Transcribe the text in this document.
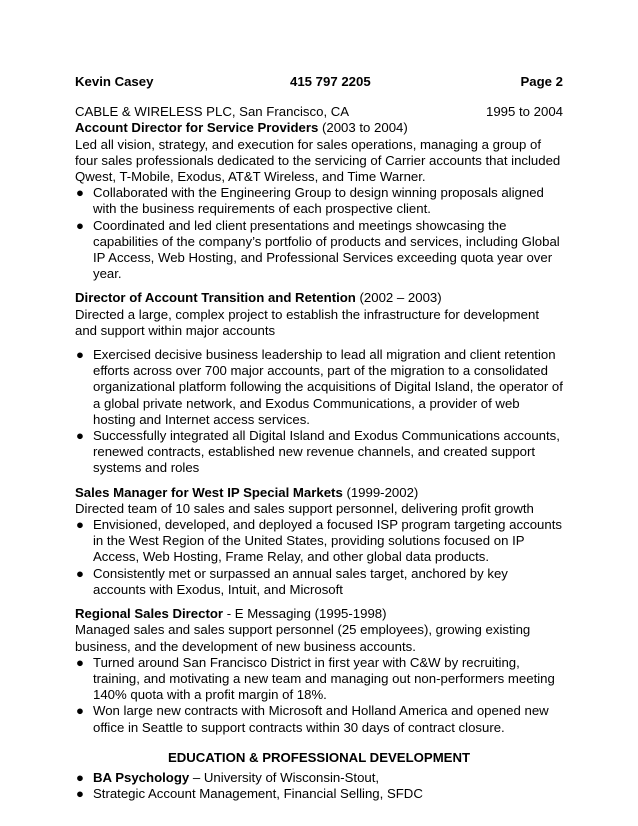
Kevin Casey	415 797 2205	Page 2
CABLE & WIRELESS PLC, San Francisco, CA	1995 to 2004

Account Director for Service Providers (2003 to 2004)

Led all vision, strategy, and execution for sales operations, managing a group of four sales professionals dedicated to the servicing of Carrier accounts that included Qwest, T-Mobile, Exodus, AT&T Wireless, and Time Warner.

● Collaborated with the Engineering Group to design winning proposals aligned with the business requirements of each prospective client.
● Coordinated and led client presentations and meetings showcasing the capabilities of the company’s portfolio of products and services, including Global IP Access, Web Hosting, and Professional Services exceeding quota year over year.

Director of Account Transition and Retention (2002 – 2003)

Directed a large, complex project to establish the infrastructure for development and support within major accounts

● Exercised decisive business leadership to lead all migration and client retention efforts across over 700 major accounts, part of the migration to a consolidated organizational platform following the acquisitions of Digital Island, the operator of a global private network, and Exodus Communications, a provider of web hosting and Internet access services.
● Successfully integrated all Digital Island and Exodus Communications accounts, renewed contracts, established new revenue channels, and created support systems and roles

Sales Manager for West IP Special Markets (1999-2002)

Directed team of 10 sales and sales support personnel, delivering profit growth

● Envisioned, developed, and deployed a focused ISP program targeting accounts in the West Region of the United States, providing solutions focused on IP Access, Web Hosting, Frame Relay, and other global data products.
● Consistently met or surpassed an annual sales target, anchored by key accounts with Exodus, Intuit, and Microsoft

Regional Sales Director - E Messaging (1995-1998)

Managed sales and sales support personnel (25 employees), growing existing business, and the development of new business accounts.

● Turned around San Francisco District in first year with C&W by recruiting, training, and motivating a new team and managing out non-performers meeting 140% quota with a profit margin of 18%.
● Won large new contracts with Microsoft and Holland America and opened new office in Seattle to support contracts within 30 days of contract closure.
EDUCATION & PROFESSIONAL DEVELOPMENT
● BA Psychology – University of Wisconsin-Stout,
● Strategic Account Management, Financial Selling, SFDC
